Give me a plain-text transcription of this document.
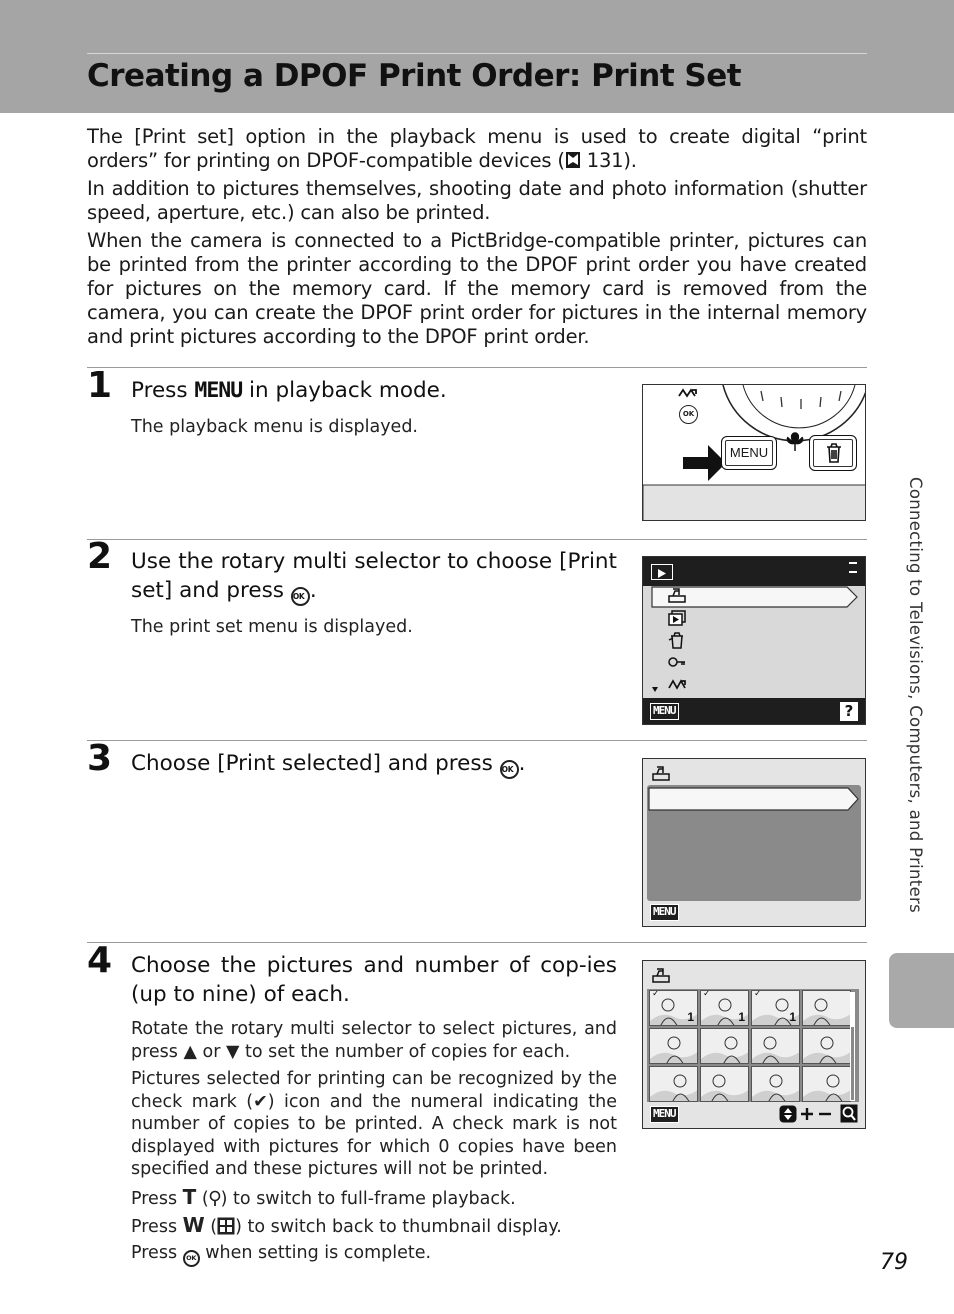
Creating a DPOF Print Order: Print Set

The [Print set] option in the playback menu is used to create digital “print orders” for printing on DPOF-compatible devices ( 131).

In addition to pictures themselves, shooting date and photo information (shutter speed, aperture, etc.) can also be printed.

When the camera is connected to a PictBridge-compatible printer, pictures can be printed from the printer according to the DPOF print order you have created for pictures on the memory card. If the memory card is removed from the camera, you can create the DPOF print order for pictures in the internal memory and print pictures according to the DPOF print order.

1 Press MENU in playback mode.
The playback menu is displayed.
OK
MENU
2 Use the rotary multi selector to choose [Print set] and press OK .
The print set menu is displayed.
MENU	?
3 Choose [Print selected] and press OK .
MENU
4 Choose the pictures and number of cop-ies (up to nine) of each.

Rotate the rotary multi selector to select pictures, and press ▲ or ▼ to set the number of copies for each.

Pictures selected for printing can be recognized by the check mark (✔) icon and the numeral indicating the number of copies to be printed. A check mark is not displayed with pictures for which 0 copies have been specified and these pictures will not be printed.

Press T ( ) to switch to full-frame playback.
Press W ( ) to switch back to thumbnail display.
Press OK when setting is complete.
✓
1
✓
1
✓
1
MENU
Connecting to Televisions, Computers, and Printers
79
